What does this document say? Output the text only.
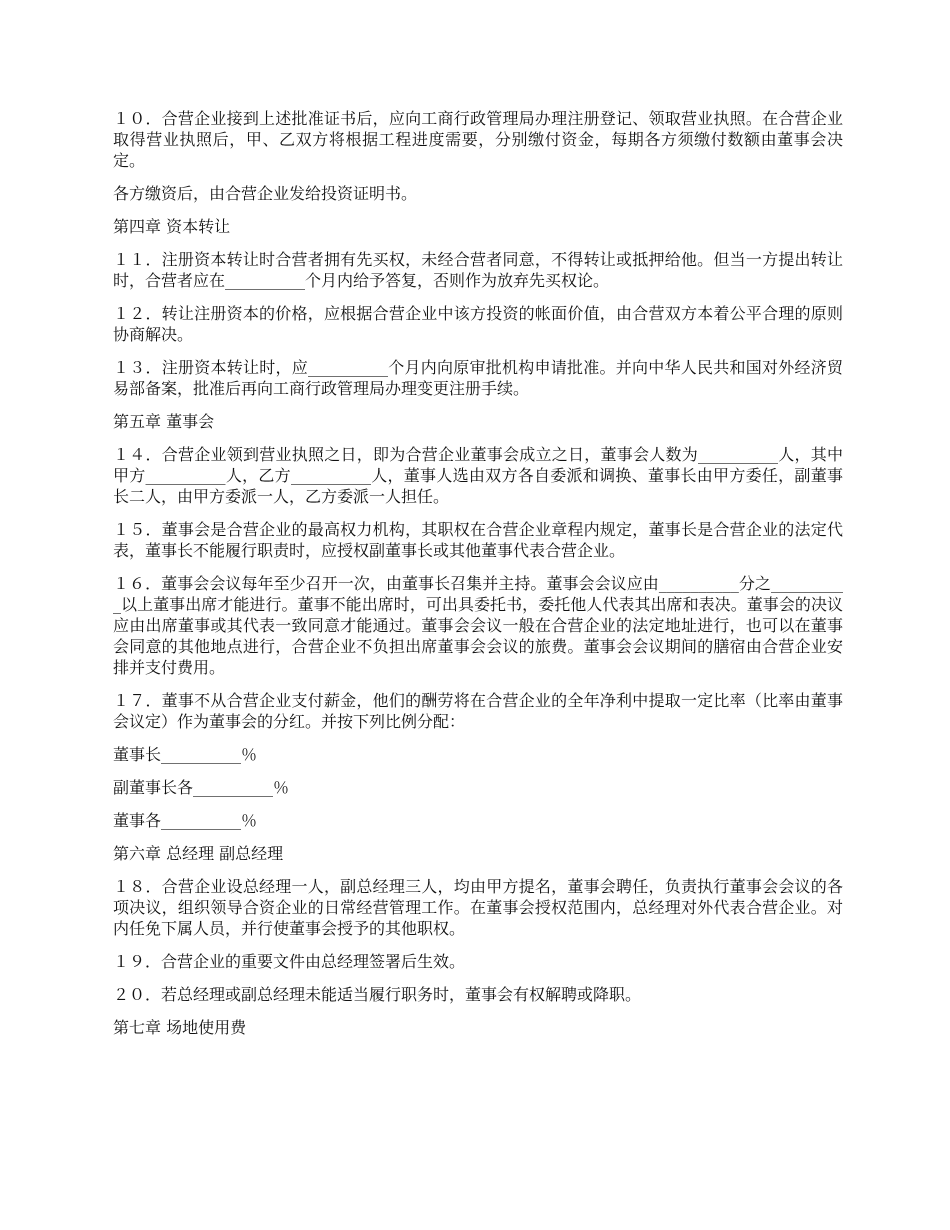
１０．合营企业接到上述批准证书后，应向工商行政管理局办理注册登记、领取营业执照。在合营企业取得营业执照后，甲、乙双方将根据工程进度需要，分别缴付资金，每期各方须缴付数额由董事会决定。

各方缴资后，由合营企业发给投资证明书。

第四章 资本转让

１１．注册资本转让时合营者拥有先买权，未经合营者同意，不得转让或抵押给他。但当一方提出转让时，合营者应在__________个月内给予答复，否则作为放弃先买权论。

１２．转让注册资本的价格，应根据合营企业中该方投资的帐面价值，由合营双方本着公平合理的原则协商解决。

１３．注册资本转让时，应__________个月内向原审批机构申请批准。并向中华人民共和国对外经济贸易部备案，批准后再向工商行政管理局办理变更注册手续。

第五章 董事会

１４．合营企业领到营业执照之日，即为合营企业董事会成立之日，董事会人数为__________人，其中甲方__________人，乙方__________人，董事人选由双方各自委派和调换、董事长由甲方委任，副董事长二人，由甲方委派一人，乙方委派一人担任。

１５．董事会是合营企业的最高权力机构，其职权在合营企业章程内规定，董事长是合营企业的法定代表，董事长不能履行职责时，应授权副董事长或其他董事代表合营企业。

１６．董事会会议每年至少召开一次，由董事长召集并主持。董事会会议应由__________分之__________以上董事出席才能进行。董事不能出席时，可出具委托书，委托他人代表其出席和表决。董事会的决议应由出席董事或其代表一致同意才能通过。董事会会议一般在合营企业的法定地址进行，也可以在董事会同意的其他地点进行，合营企业不负担出席董事会会议的旅费。董事会会议期间的膳宿由合营企业安排并支付费用。

１７．董事不从合营企业支付薪金，他们的酬劳将在合营企业的全年净利中提取一定比率（比率由董事会议定）作为董事会的分红。并按下列比例分配：

董事长__________％

副董事长各__________％

董事各__________％

第六章 总经理 副总经理

１８．合营企业设总经理一人，副总经理三人，均由甲方提名，董事会聘任，负责执行董事会会议的各项决议，组织领导合资企业的日常经营管理工作。在董事会授权范围内，总经理对外代表合营企业。对内任免下属人员，并行使董事会授予的其他职权。

１９．合营企业的重要文件由总经理签署后生效。

２０．若总经理或副总经理未能适当履行职务时，董事会有权解聘或降职。

第七章 场地使用费
